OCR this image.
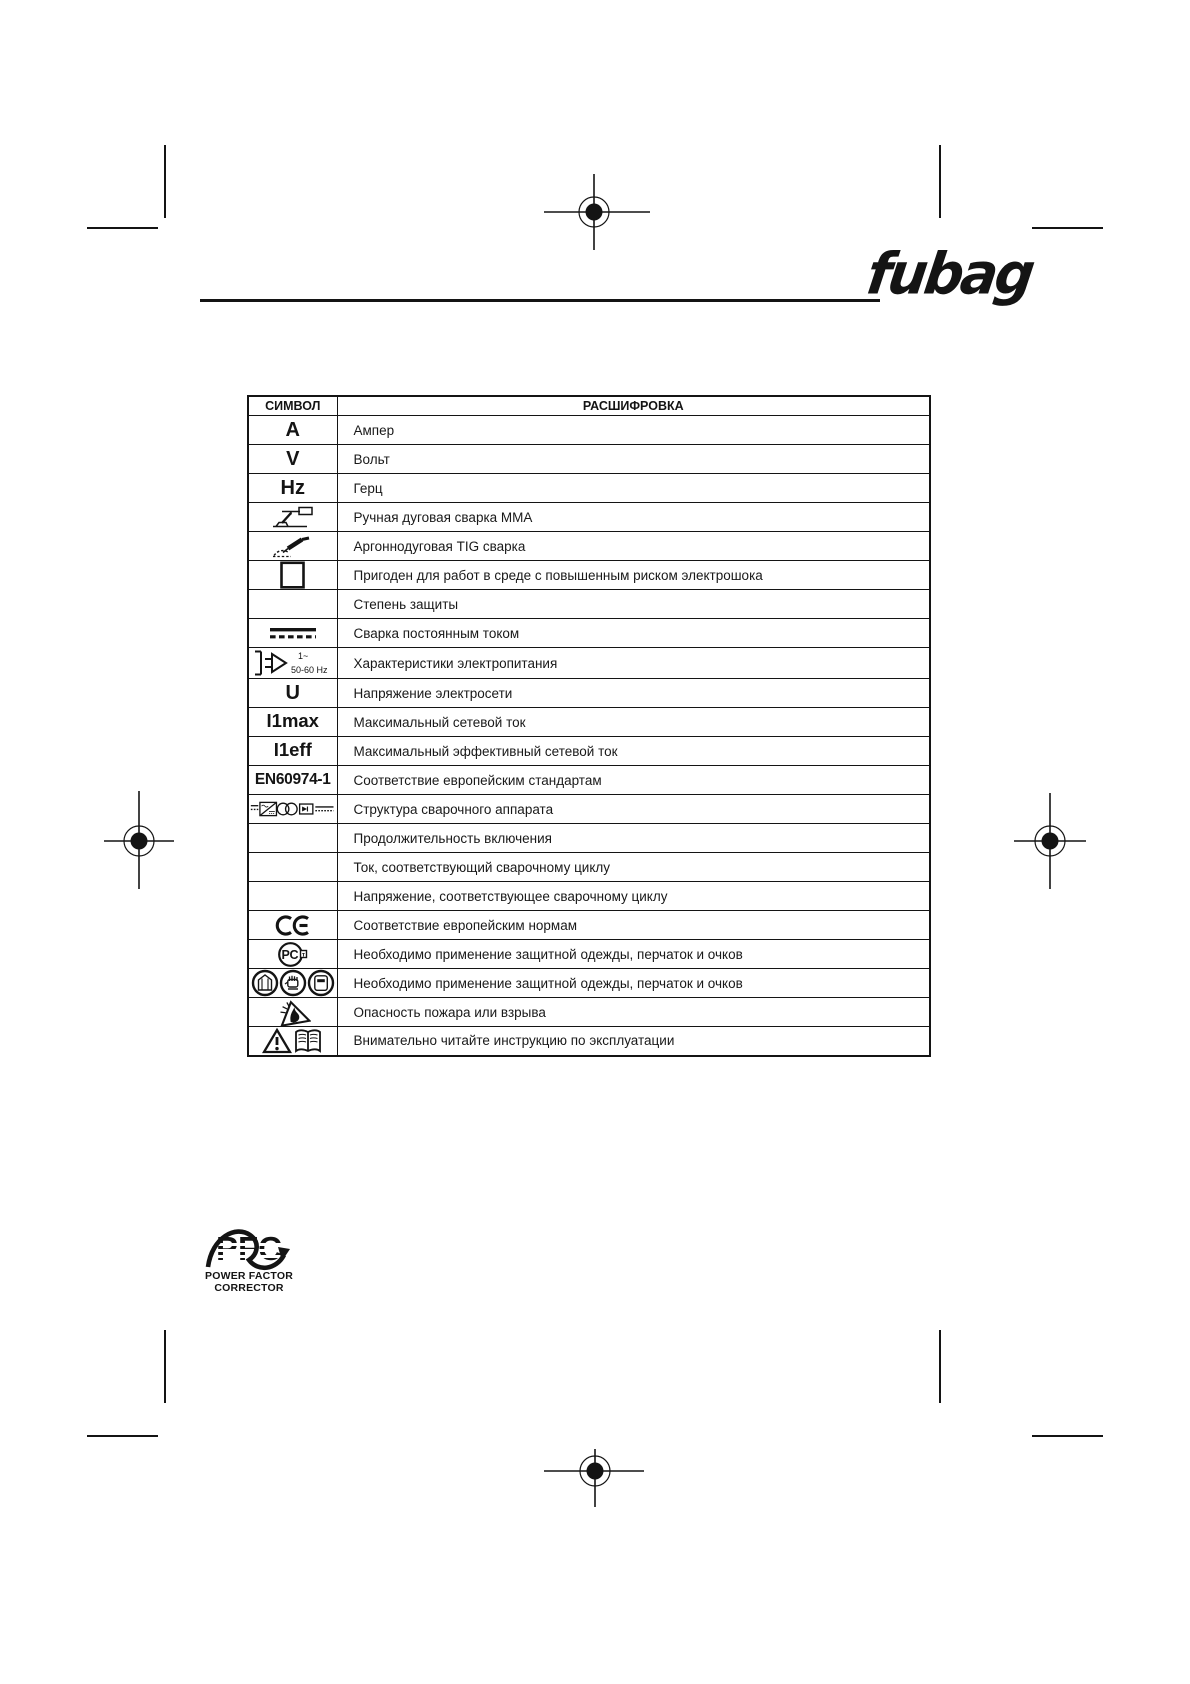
fubag
СИМВОЛ	РАСШИФРОВКА
A	Ампер
V	Вольт
Hz	Герц

	Ручная дуговая сварка ММА

	Аргоннодуговая TIG сварка

	Пригоден для работ в среде с повышенным риском электрошока
	Степень защиты

	Сварка постоянным током

1~
50-60 Hz	Характеристики электропитания
U	Напряжение электросети
I1max	Максимальный сетевой ток
I1eff	Максимальный эффективный сетевой ток
EN60974-1	Соответствие европейским стандартам

	Структура сварочного аппарата
	Продолжительность включения
	Ток, соответствующий сварочному циклу
	Напряжение, соответствующее сварочному циклу

	Соответствие европейским нормам

РС т	Необходимо применение защитной одежды, перчаток и очков

	Необходимо применение защитной одежды, перчаток и очков

	Опасность пожара или взрыва

	Внимательно читайте инструкцию по эксплуатации
POWER FACTOR
CORRECTOR
